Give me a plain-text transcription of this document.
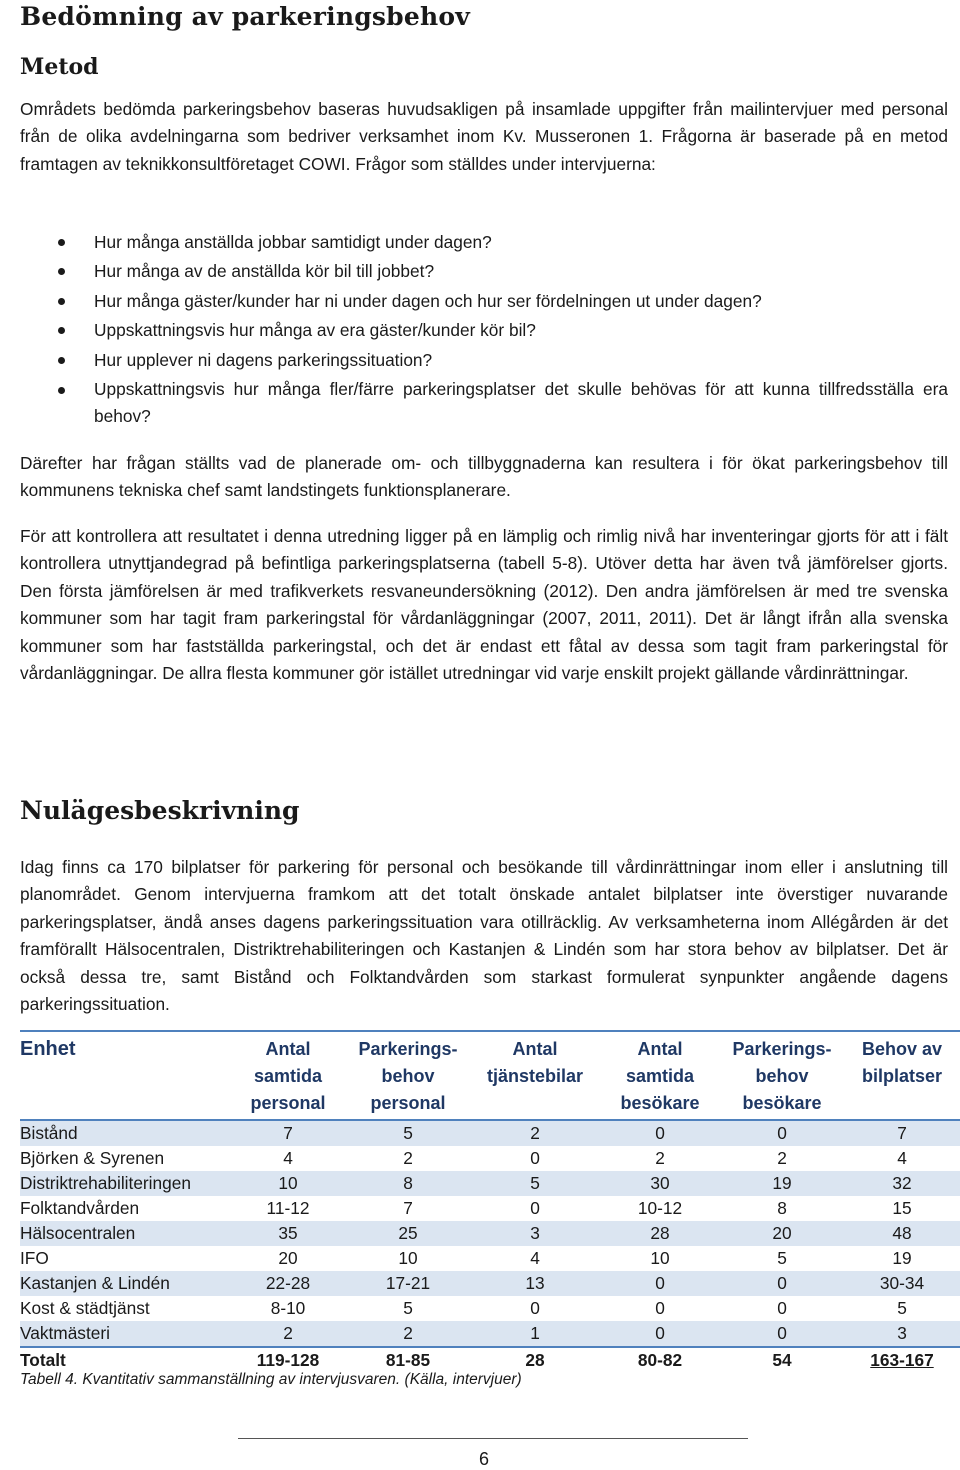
Bedömning av parkeringsbehov
Metod

Områdets bedömda parkeringsbehov baseras huvudsakligen på insamlade uppgifter från mailintervjuer med personal från de olika avdelningarna som bedriver verksamhet inom Kv. Musseronen 1. Frågorna är baserade på en metod framtagen av teknikkonsultföretaget COWI. Frågor som ställdes under intervjuerna:

Hur många anställda jobbar samtidigt under dagen?
Hur många av de anställda kör bil till jobbet?
Hur många gäster/kunder har ni under dagen och hur ser fördelningen ut under dagen?
Uppskattningsvis hur många av era gäster/kunder kör bil?
Hur upplever ni dagens parkeringssituation?
Uppskattningsvis hur många fler/färre parkeringsplatser det skulle behövas för att kunna tillfredsställa era behov?

Därefter har frågan ställts vad de planerade om- och tillbyggnaderna kan resultera i för ökat parkeringsbehov till kommunens tekniska chef samt landstingets funktionsplanerare.

För att kontrollera att resultatet i denna utredning ligger på en lämplig och rimlig nivå har inventeringar gjorts för att i fält kontrollera utnyttjandegrad på befintliga parkeringsplatserna (tabell 5-8). Utöver detta har även två jämförelser gjorts. Den första jämförelsen är med trafikverkets resvaneundersökning (2012). Den andra jämförelsen är med tre svenska kommuner som har tagit fram parkeringstal för vårdanläggningar (2007, 2011, 2011). Det är långt ifrån alla svenska kommuner som har fastställda parkeringstal, och det är endast ett fåtal av dessa som tagit fram parkeringstal för vårdanläggningar. De allra flesta kommuner gör istället utredningar vid varje enskilt projekt gällande vårdinrättningar.

Nulägesbeskrivning

Idag finns ca 170 bilplatser för parkering för personal och besökande till vårdinrättningar inom eller i anslutning till planområdet. Genom intervjuerna framkom att det totalt önskade antalet bilplatser inte överstiger nuvarande parkeringsplatser, ändå anses dagens parkeringssituation vara otillräcklig. Av verksamheterna inom Allégården är det framförallt Hälsocentralen, Distriktrehabiliteringen och Kastanjen & Lindén som har stora behov av bilplatser. Det är också dessa tre, samt Bistånd och Folktandvården som starkast formulerat synpunkter angående dagens parkeringssituation.

Enhet	Antal samtida personal	Parkerings-behov personal	Antal tjänstebilar	Antal samtida besökare	Parkerings-behov besökare	Behov av bilplatser
Bistånd	7	5	2	0	0	7
Björken & Syrenen	4	2	0	2	2	4
Distriktrehabiliteringen	10	8	5	30	19	32
Folktandvården	11-12	7	0	10-12	8	15
Hälsocentralen	35	25	3	28	20	48
IFO	20	10	4	10	5	19
Kastanjen & Lindén	22-28	17-21	13	0	0	30-34
Kost & städtjänst	8-10	5	0	0	0	5
Vaktmästeri	2	2	1	0	0	3
Totalt	119-128	81-85	28	80-82	54	163-167
Tabell 4. Kvantitativ sammanställning av intervjusvaren. (Källa, intervjuer)
6
